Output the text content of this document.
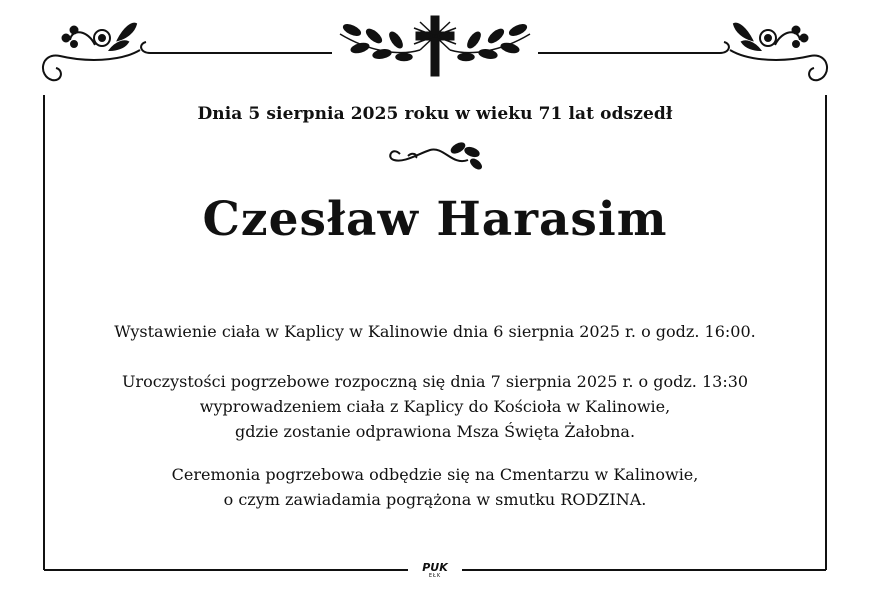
Dnia 5 sierpnia 2025 roku w wieku 71 lat odszedł
Czesław Harasim
Wystawienie ciała w Kaplicy w Kalinowie dnia 6 sierpnia 2025 r. o godz. 16:00.
Uroczystości pogrzebowe rozpoczną się dnia 7 sierpnia 2025 r. o godz. 13:30
wyprowadzeniem ciała z Kaplicy do Kościoła w Kalinowie,
gdzie zostanie odprawiona Msza Święta Żałobna.
Ceremonia pogrzebowa odbędzie się na Cmentarzu w Kalinowie,
o czym zawiadamia pogrążona w smutku RODZINA.
PUK
EŁK
